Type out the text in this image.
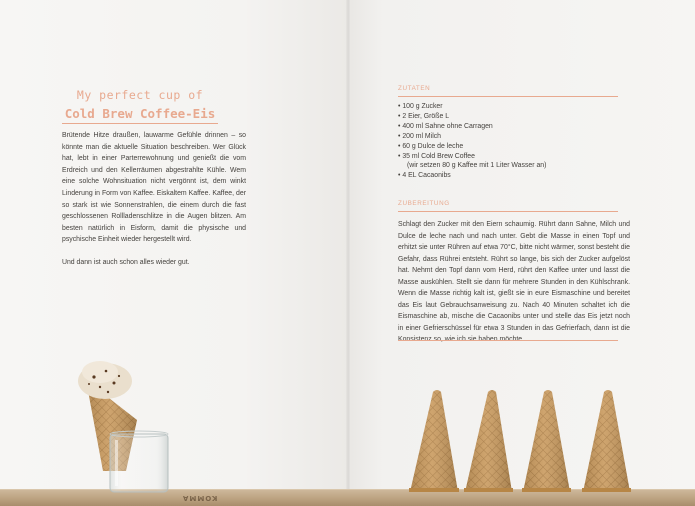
My perfect cup of
Cold Brew Coffee-Eis

Brütende Hitze draußen, lauwarme Gefühle drinnen – so könnte man die aktuelle Situation beschreiben. Wer Glück hat, lebt in einer Parterrewohnung und genießt die vom Erdreich und den Kellerräumen abgestrahlte Kühle. Wem eine solche Wohnsituation nicht vergönnt ist, dem winkt Linderung in Form von Kaffee. Eiskaltem Kaffee. Kaffee, der so stark ist wie Sonnenstrahlen, die einem durch die fast geschlossenen Rollladenschlitze in die Augen blitzen. Am besten natürlich in Eisform, damit die physische und psychische Einheit wieder hergestellt wird.

Und dann ist auch schon alles wieder gut.

ZUTATEN
• 100 g Zucker
• 2 Eier, Größe L
• 400 ml Sahne ohne Carragen
• 200 ml Milch
• 60 g Dulce de leche
• 35 ml Cold Brew Coffee
(wir setzen 80 g Kaffee mit 1 Liter Wasser an)
• 4 EL Cacaonibs
ZUBEREITUNG

Schlagt den Zucker mit den Eiern schaumig. Rührt dann Sahne, Milch und Dulce de leche nach und nach unter. Gebt die Masse in einen Topf und erhitzt sie unter Rühren auf etwa 70°C, bitte nicht wärmer, sonst besteht die Gefahr, dass Rührei entsteht. Rührt so lange, bis sich der Zucker aufgelöst hat. Nehmt den Topf dann vom Herd, rührt den Kaffee unter und lasst die Masse auskühlen. Stellt sie dann für mehrere Stunden in den Kühlschrank. Wenn die Masse richtig kalt ist, gießt sie in eure Eismaschine und bereitet das Eis laut Gebrauchsanweisung zu. Nach 40 Minuten schaltet ich die Eismaschine ab, mische die Cacaonibs unter und stelle das Eis jetzt noch in einer Gefrierschüssel für etwa 3 Stunden in das Gefrierfach, dann ist die

KOMMA
